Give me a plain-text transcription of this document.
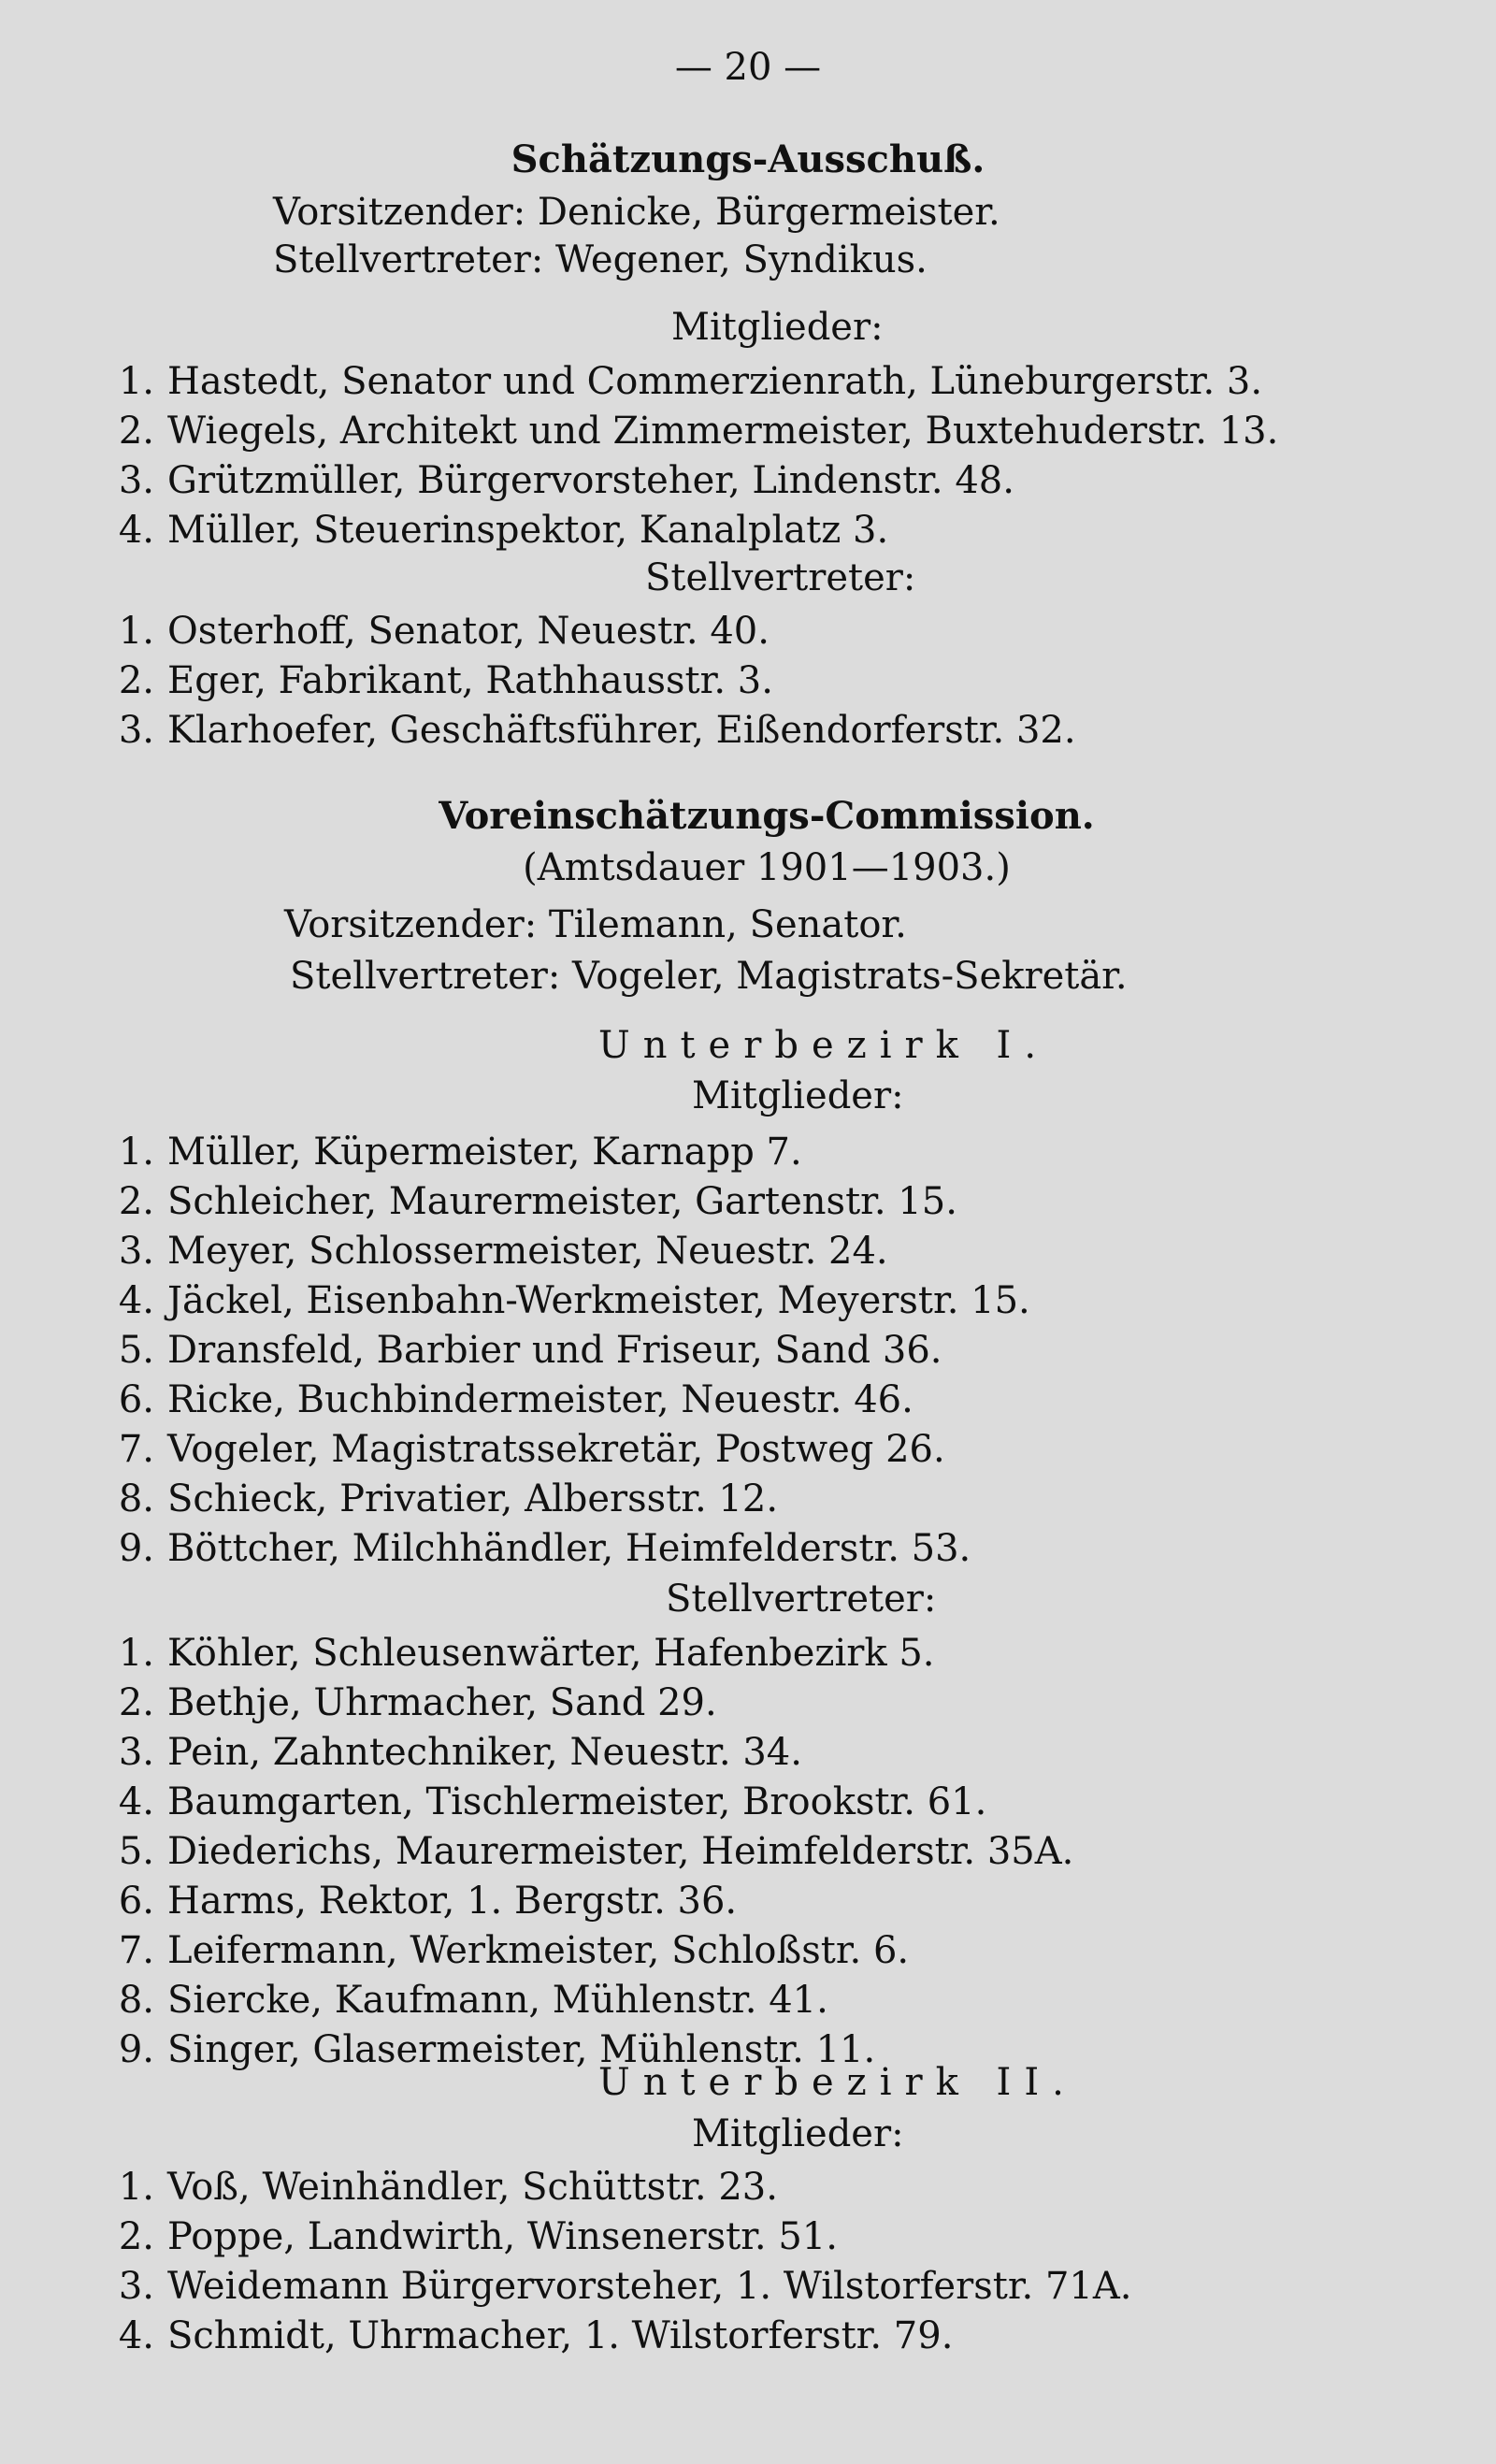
— 20 —
Schätzungs-Ausschuß.
Vorsitzender: Denicke, Bürgermeister.
Stellvertreter: Wegener, Syndikus.
Mitglieder:
1. Hastedt, Senator und Commerzienrath, Lüneburgerstr. 3.
2. Wiegels, Architekt und Zimmermeister, Buxtehuderstr. 13.
3. Grützmüller, Bürgervorsteher, Lindenstr. 48.
4. Müller, Steuerinspektor, Kanalplatz 3.
Stellvertreter:
1. Osterhoff, Senator, Neuestr. 40.
2. Eger, Fabrikant, Rathhausstr. 3.
3. Klarhoefer, Geschäftsführer, Eißendorferstr. 32.
Voreinschätzungs-Commission.
(Amtsdauer 1901—1903.)
Vorsitzender: Tilemann, Senator.
Stellvertreter: Vogeler, Magistrats-Sekretär.
Unterbezirk I.
Mitglieder:
1. Müller, Küpermeister, Karnapp 7.
2. Schleicher, Maurermeister, Gartenstr. 15.
3. Meyer, Schlossermeister, Neuestr. 24.
4. Jäckel, Eisenbahn-Werkmeister, Meyerstr. 15.
5. Dransfeld, Barbier und Friseur, Sand 36.
6. Ricke, Buchbindermeister, Neuestr. 46.
7. Vogeler, Magistratssekretär, Postweg 26.
8. Schieck, Privatier, Albersstr. 12.
9. Böttcher, Milchhändler, Heimfelderstr. 53.
Stellvertreter:
1. Köhler, Schleusenwärter, Hafenbezirk 5.
2. Bethje, Uhrmacher, Sand 29.
3. Pein, Zahntechniker, Neuestr. 34.
4. Baumgarten, Tischlermeister, Brookstr. 61.
5. Diederichs, Maurermeister, Heimfelderstr. 35A.
6. Harms, Rektor, 1. Bergstr. 36.
7. Leifermann, Werkmeister, Schloßstr. 6.
8. Siercke, Kaufmann, Mühlenstr. 41.
9. Singer, Glasermeister, Mühlenstr. 11.
Unterbezirk II.
Mitglieder:
1. Voß, Weinhändler, Schüttstr. 23.
2. Poppe, Landwirth, Winsenerstr. 51.
3. Weidemann Bürgervorsteher, 1. Wilstorferstr. 71A.
4. Schmidt, Uhrmacher, 1. Wilstorferstr. 79.
